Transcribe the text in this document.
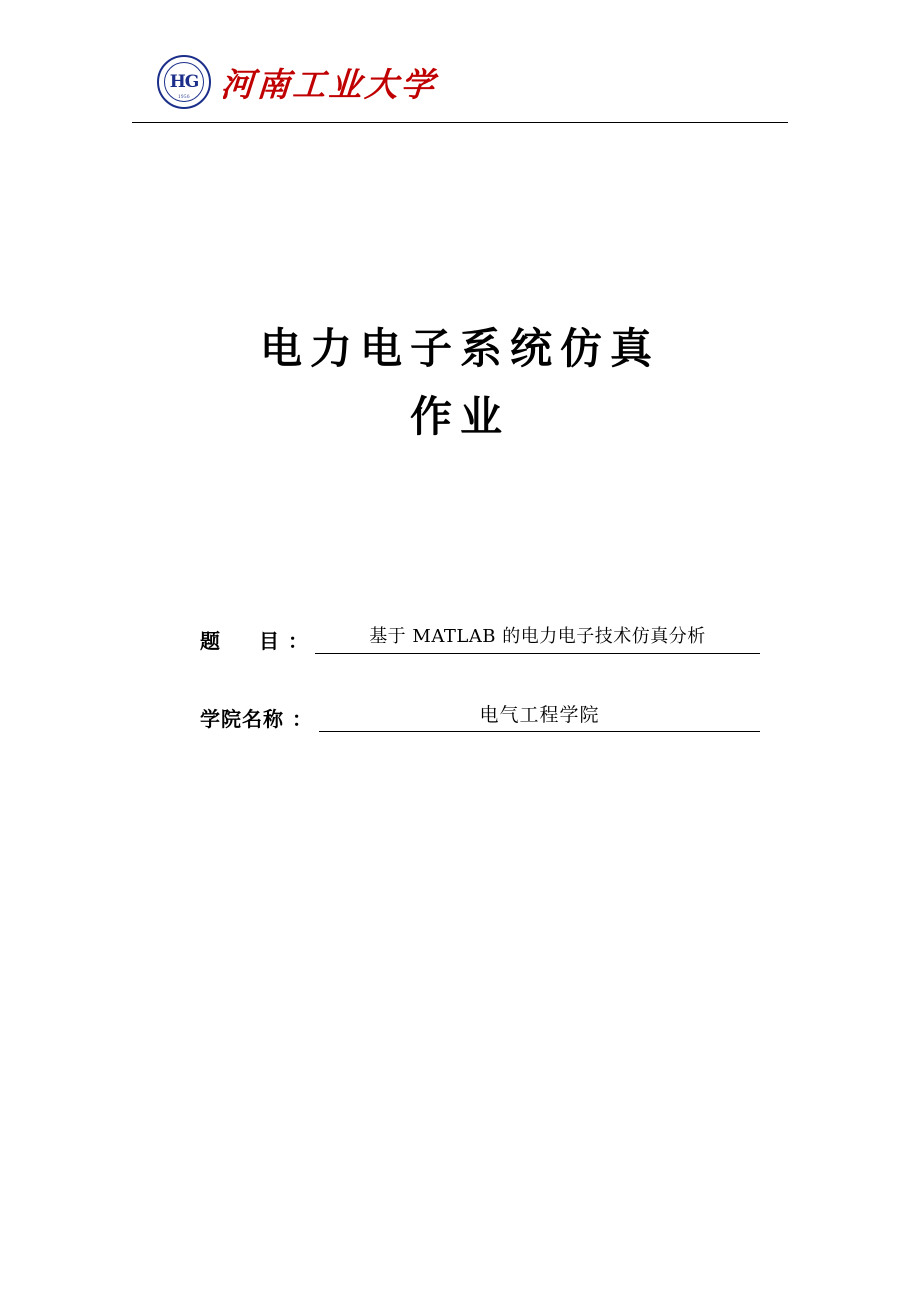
HG
1956 河南工业大学
电力电子系统仿真
作业
题 目 ：	基于 MATLAB 的电力电子技术仿真分析
学院名称 ：	电气工程学院
